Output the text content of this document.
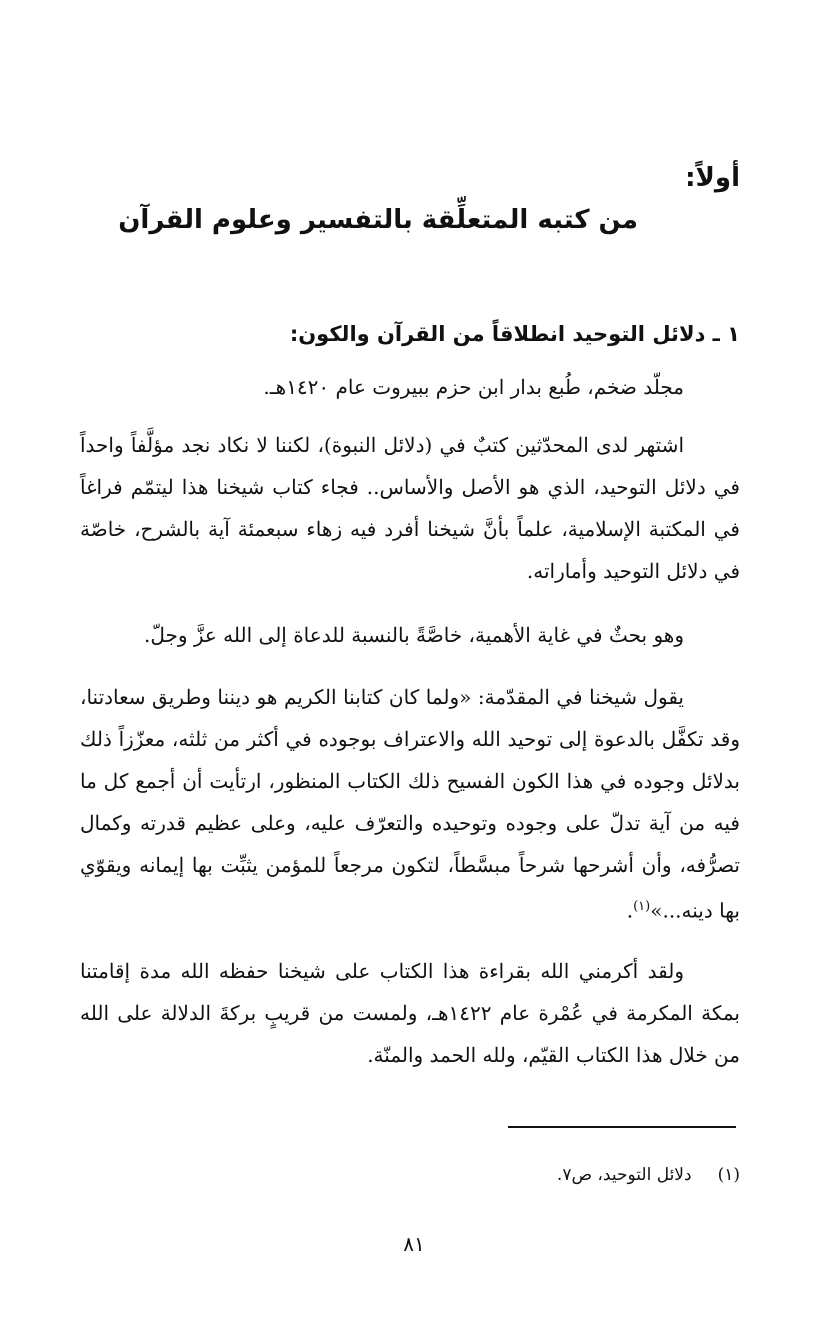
أولاً:
من كتبه المتعلِّقة بالتفسير وعلوم القرآن
١ ـ دلائل التوحيد انطلاقاً من القرآن والكون:

مجلّد ضخم، طُبع بدار ابن حزم ببيروت عام ١٤٢٠هـ.

اشتهر لدى المحدّثين كتبٌ في (دلائل النبوة)، لكننا لا نكاد نجد مؤلَّفاً واحداً في دلائل التوحيد، الذي هو الأصل والأساس.. فجاء كتاب شيخنا هذا ليتمّم فراغاً في المكتبة الإسلامية، علماً بأنَّ شيخنا أفرد فيه زهاء سبعمئة آية بالشرح، خاصّة في دلائل التوحيد وأماراته.

وهو بحثٌ في غاية الأهمية، خاصَّةً بالنسبة للدعاة إلى الله عزَّ وجلّ.

يقول شيخنا في المقدّمة: «ولما كان كتابنا الكريم هو ديننا وطريق سعادتنا، وقد تكفَّل بالدعوة إلى توحيد الله والاعتراف بوجوده في أكثر من ثلثه، معزّزاً ذلك بدلائل وجوده في هذا الكون الفسيح ذلك الكتاب المنظور، ارتأيت أن أجمع كل ما فيه من آية تدلّ على وجوده وتوحيده والتعرّف عليه، وعلى عظيم قدرته وكمال تصرُّفه، وأن أشرحها شرحاً مبسَّطاً، لتكون مرجعاً للمؤمن يثبِّت بها إيمانه ويقوّي بها دينه...»$^{(١)}$.

ولقد أكرمني الله بقراءة هذا الكتاب على شيخنا حفظه الله مدة إقامتنا بمكة المكرمة في عُمْرة عام ١٤٢٢هـ، ولمست من قريبٍ بركةَ الدلالة على الله من خلال هذا الكتاب القيّم، ولله الحمد والمنّة.

(١)دلائل التوحيد، ص٧.
٨١
